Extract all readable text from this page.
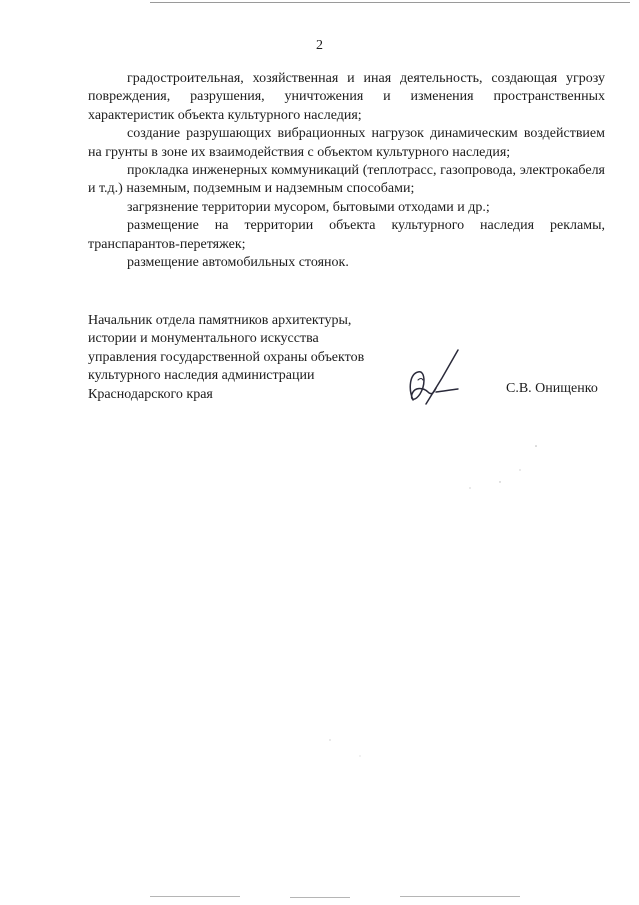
2

градостроительная, хозяйственная и иная деятельность, создающая угрозу повреждения, разрушения, уничтожения и изменения пространственных характеристик объекта культурного наследия;

создание разрушающих вибрационных нагрузок динамическим воздействием на грунты в зоне их взаимодействия с объектом культурного наследия;

прокладка инженерных коммуникаций (теплотрасс, газопровода, электрокабеля и т.д.) наземным, подземным и надземным способами;

загрязнение территории мусором, бытовыми отходами и др.;

размещение на территории объекта культурного наследия рекламы, транспарантов-перетяжек;

размещение автомобильных стоянок.

Начальник отдела памятников архитектуры,
истории и монументального искусства
управления государственной охраны объектов
культурного наследия администрации
Краснодарского края	С.В. Онищенко
